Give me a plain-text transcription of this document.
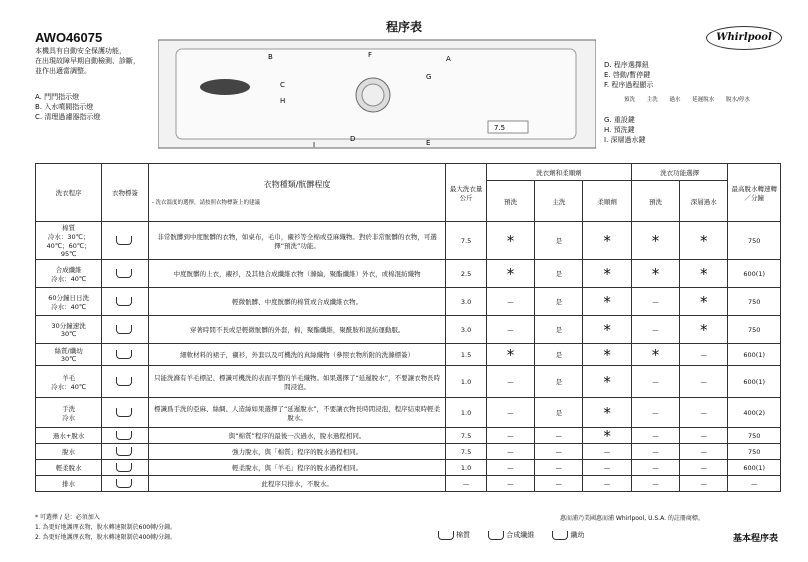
AWO46075
程序表
本機具有自動安全保護功能，
在出現故障早期自動檢測、診斷，
並作出適當調整。
A. 門門指示燈
B. 入水噴閥指示燈
C. 清理過濾器指示燈
Whirlpool
D. 程序選擇鈕
E. 啓動/暫停鍵
F. 程序過程顯示
預洗 主洗 過水 延遲脫水 脫水/停水
G. 重設鍵
H. 預洗鍵
I. 深層過水鍵
7.5
B	F	A
C
G
H
D	E
I
洗衣程序	衣物標簽	衣物種類/骯髒程度
- 洗衣溫度的選擇，請按照衣物標簽上的建議	最大洗衣量公斤	洗衣劑和柔順劑			洗衣功能選擇		最高脫水轉速轉／分鐘
				預洗	主洗	柔順劑	預洗	深層過水	

棉質
冷水：30℃；40℃；60℃；95℃		非常骯髒到中度骯髒的衣物，如桌布，毛巾，襯衫等全棉或亞麻織物。對於非常骯髒的衣物，可選擇“預洗”功能。	7.5	*	是	*	*	*	750

合成纖維
冷水：40℃		中度骯髒的上衣，襯衫，及其他合成纖維衣物（滌綸，聚酯纖維）外衣，或棉混紡織物	2.5	*	是	*	*	*	600(1)

60分鐘日日洗
冷水：40℃		輕微骯髒、中度骯髒的棉質或合成纖維衣物。	3.0	—	是	*	—	*	750

30分鐘速洗
30℃		穿著時間不長或是輕微骯髒的外套，棉，聚酯纖維，聚酰胺和混紡運動服。	3.0	—	是	*	—	*	750

絲質/纖幼
30℃		細軟材料的裙子，襯衫，外套以及可機洗的真絲織物（參照衣物所附的洗滌標簽）	1.5	*	是	*	*	—	600(1)

羊毛
冷水：40℃		只能洗滌有羊毛標記、標識可機洗的表面平整的羊毛織物。如果選擇了“延遲脫水”，不要讓衣物長時間浸泡。	1.0	—	是	*	—	—	600(1)

手洗
冷水		標識爲手洗的亞麻、絲綢、人造絲如果選擇了“延遲脫水”，不要讓衣物長時間浸泡，程序結束時輕柔脫水。	1.0	—	是	*	—	—	400(2)

過水+脫水		與“棉質”程序的最後一次過水，脫水過程相同。	7.5	—	—	*	—	—	750

脫水		強力脫水，與「棉質」程序的脫水過程相同。	7.5	—	—	—	—	—	750

輕柔脫水		輕柔脫水，與「羊毛」程序的脫水過程相同。	1.0	—	—	—	—	—	600(1)

排水		此程序只排水，不脫水。	—	—	—	—	—	—	—
* 可選擇 / 是：必須加入
1. 為更好地護理衣物，脫水轉速限制於600轉/分鐘。
2. 為更好地護理衣物，脫水轉速限制於400轉/分鐘。
惠而浦乃美國惠而浦 Whirlpool, U.S.A. 的註冊商標。
棉質	合成纖維	纖幼	基本程序表
